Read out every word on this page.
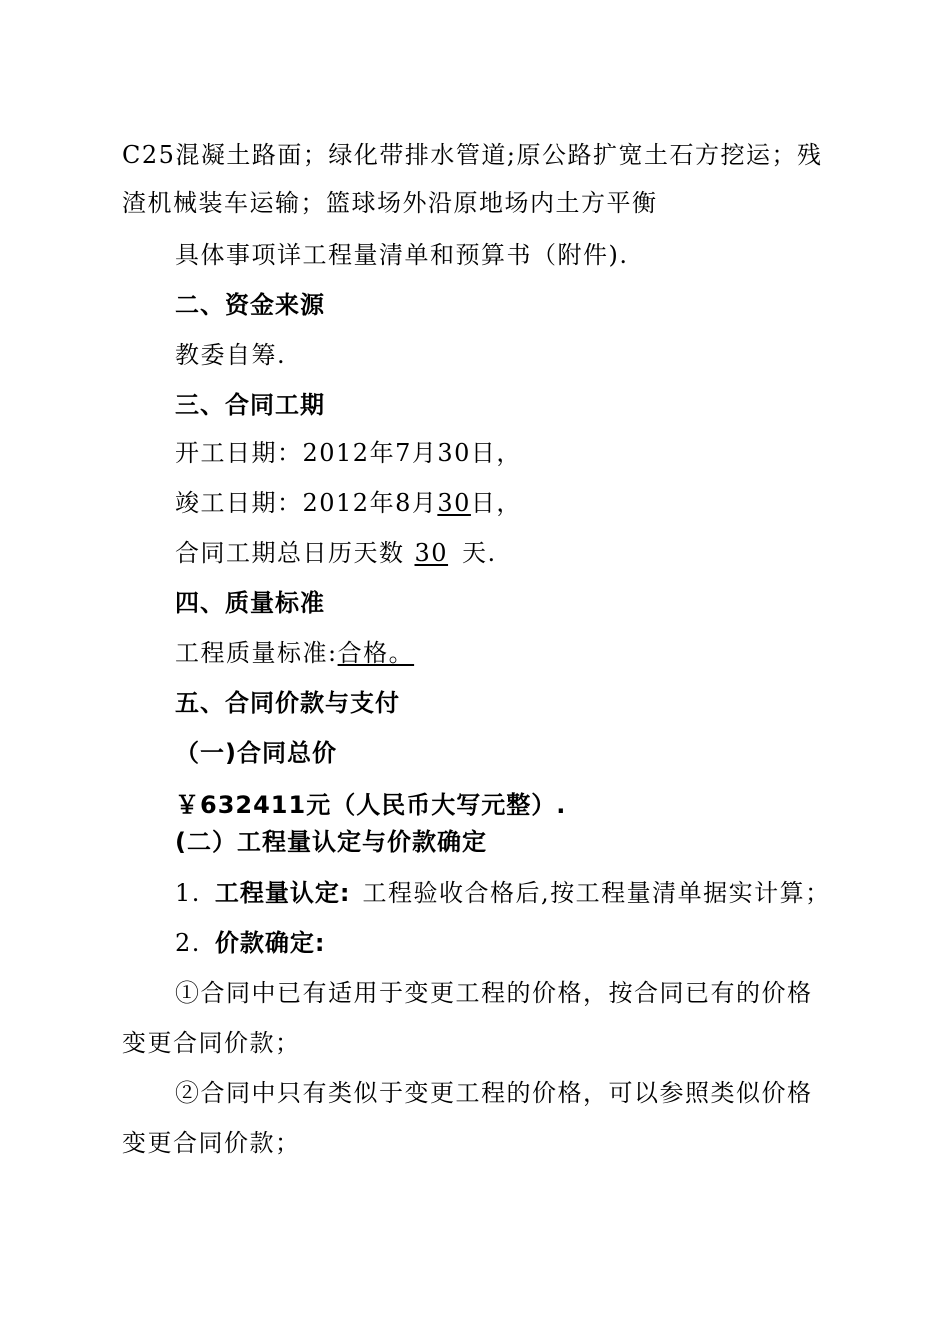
C25混凝土路面；绿化带排水管道;原公路扩宽土石方挖运；残
渣机械装车运输；篮球场外沿原地场内土方平衡
具体事项详工程量清单和预算书（附件).
二、资金来源
教委自筹.
三、合同工期
开工日期：2012年7月30日，
竣工日期：2012年8月30日，
合同工期总日历天数 30 天.
四、质量标准
工程质量标准:合格。
五、合同价款与支付
（一)合同总价
￥632411元（人民币大写元整）.
(二）工程量认定与价款确定
1. 工程量认定: 工程验收合格后,按工程量清单据实计算；
2. 价款确定:
①合同中已有适用于变更工程的价格，按合同已有的价格
变更合同价款；
②合同中只有类似于变更工程的价格，可以参照类似价格
变更合同价款；
